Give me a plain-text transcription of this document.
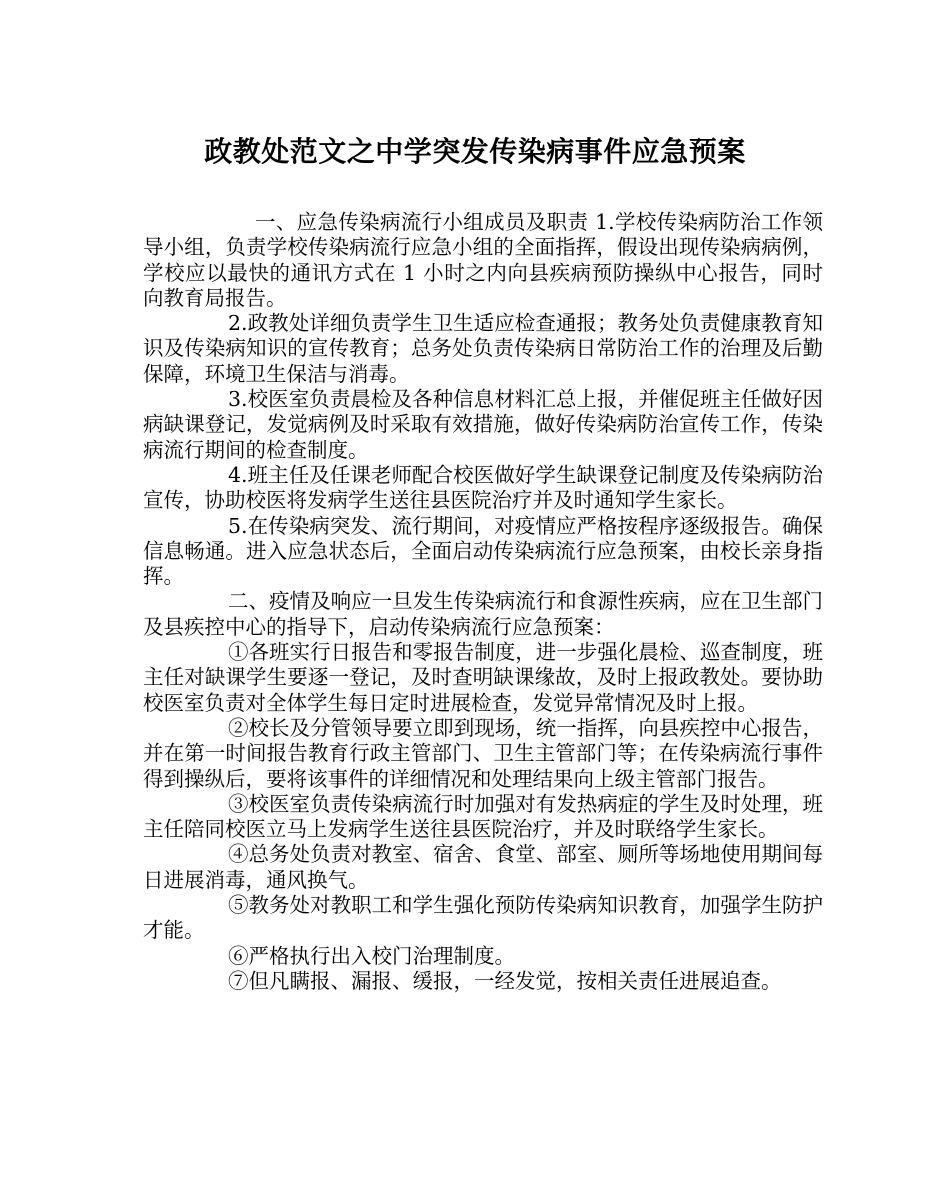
政教处范文之中学突发传染病事件应急预案

一、应急传染病流行小组成员及职责 1.学校传染病防治工作领导小组，负责学校传染病流行应急小组的全面指挥，假设出现传染病病例，学校应以最快的通讯方式在 1 小时之内向县疾病预防操纵中心报告，同时向教育局报告。

2.政教处详细负责学生卫生适应检查通报；教务处负责健康教育知识及传染病知识的宣传教育；总务处负责传染病日常防治工作的治理及后勤保障，环境卫生保洁与消毒。

3.校医室负责晨检及各种信息材料汇总上报，并催促班主任做好因病缺课登记，发觉病例及时采取有效措施，做好传染病防治宣传工作，传染病流行期间的检查制度。

4.班主任及任课老师配合校医做好学生缺课登记制度及传染病防治宣传，协助校医将发病学生送往县医院治疗并及时通知学生家长。

5.在传染病突发、流行期间，对疫情应严格按程序逐级报告。确保信息畅通。进入应急状态后，全面启动传染病流行应急预案，由校长亲身指挥。

二、疫情及响应一旦发生传染病流行和食源性疾病，应在卫生部门及县疾控中心的指导下，启动传染病流行应急预案：

①各班实行日报告和零报告制度，进一步强化晨检、巡查制度，班主任对缺课学生要逐一登记，及时查明缺课缘故，及时上报政教处。要协助校医室负责对全体学生每日定时进展检查，发觉异常情况及时上报。

②校长及分管领导要立即到现场，统一指挥，向县疾控中心报告，并在第一时间报告教育行政主管部门、卫生主管部门等；在传染病流行事件得到操纵后，要将该事件的详细情况和处理结果向上级主管部门报告。

③校医室负责传染病流行时加强对有发热病症的学生及时处理，班主任陪同校医立马上发病学生送往县医院治疗，并及时联络学生家长。

④总务处负责对教室、宿舍、食堂、部室、厕所等场地使用期间每日进展消毒，通风换气。

⑤教务处对教职工和学生强化预防传染病知识教育，加强学生防护才能。

⑥严格执行出入校门治理制度。

⑦但凡瞒报、漏报、缓报，一经发觉，按相关责任进展追查。
